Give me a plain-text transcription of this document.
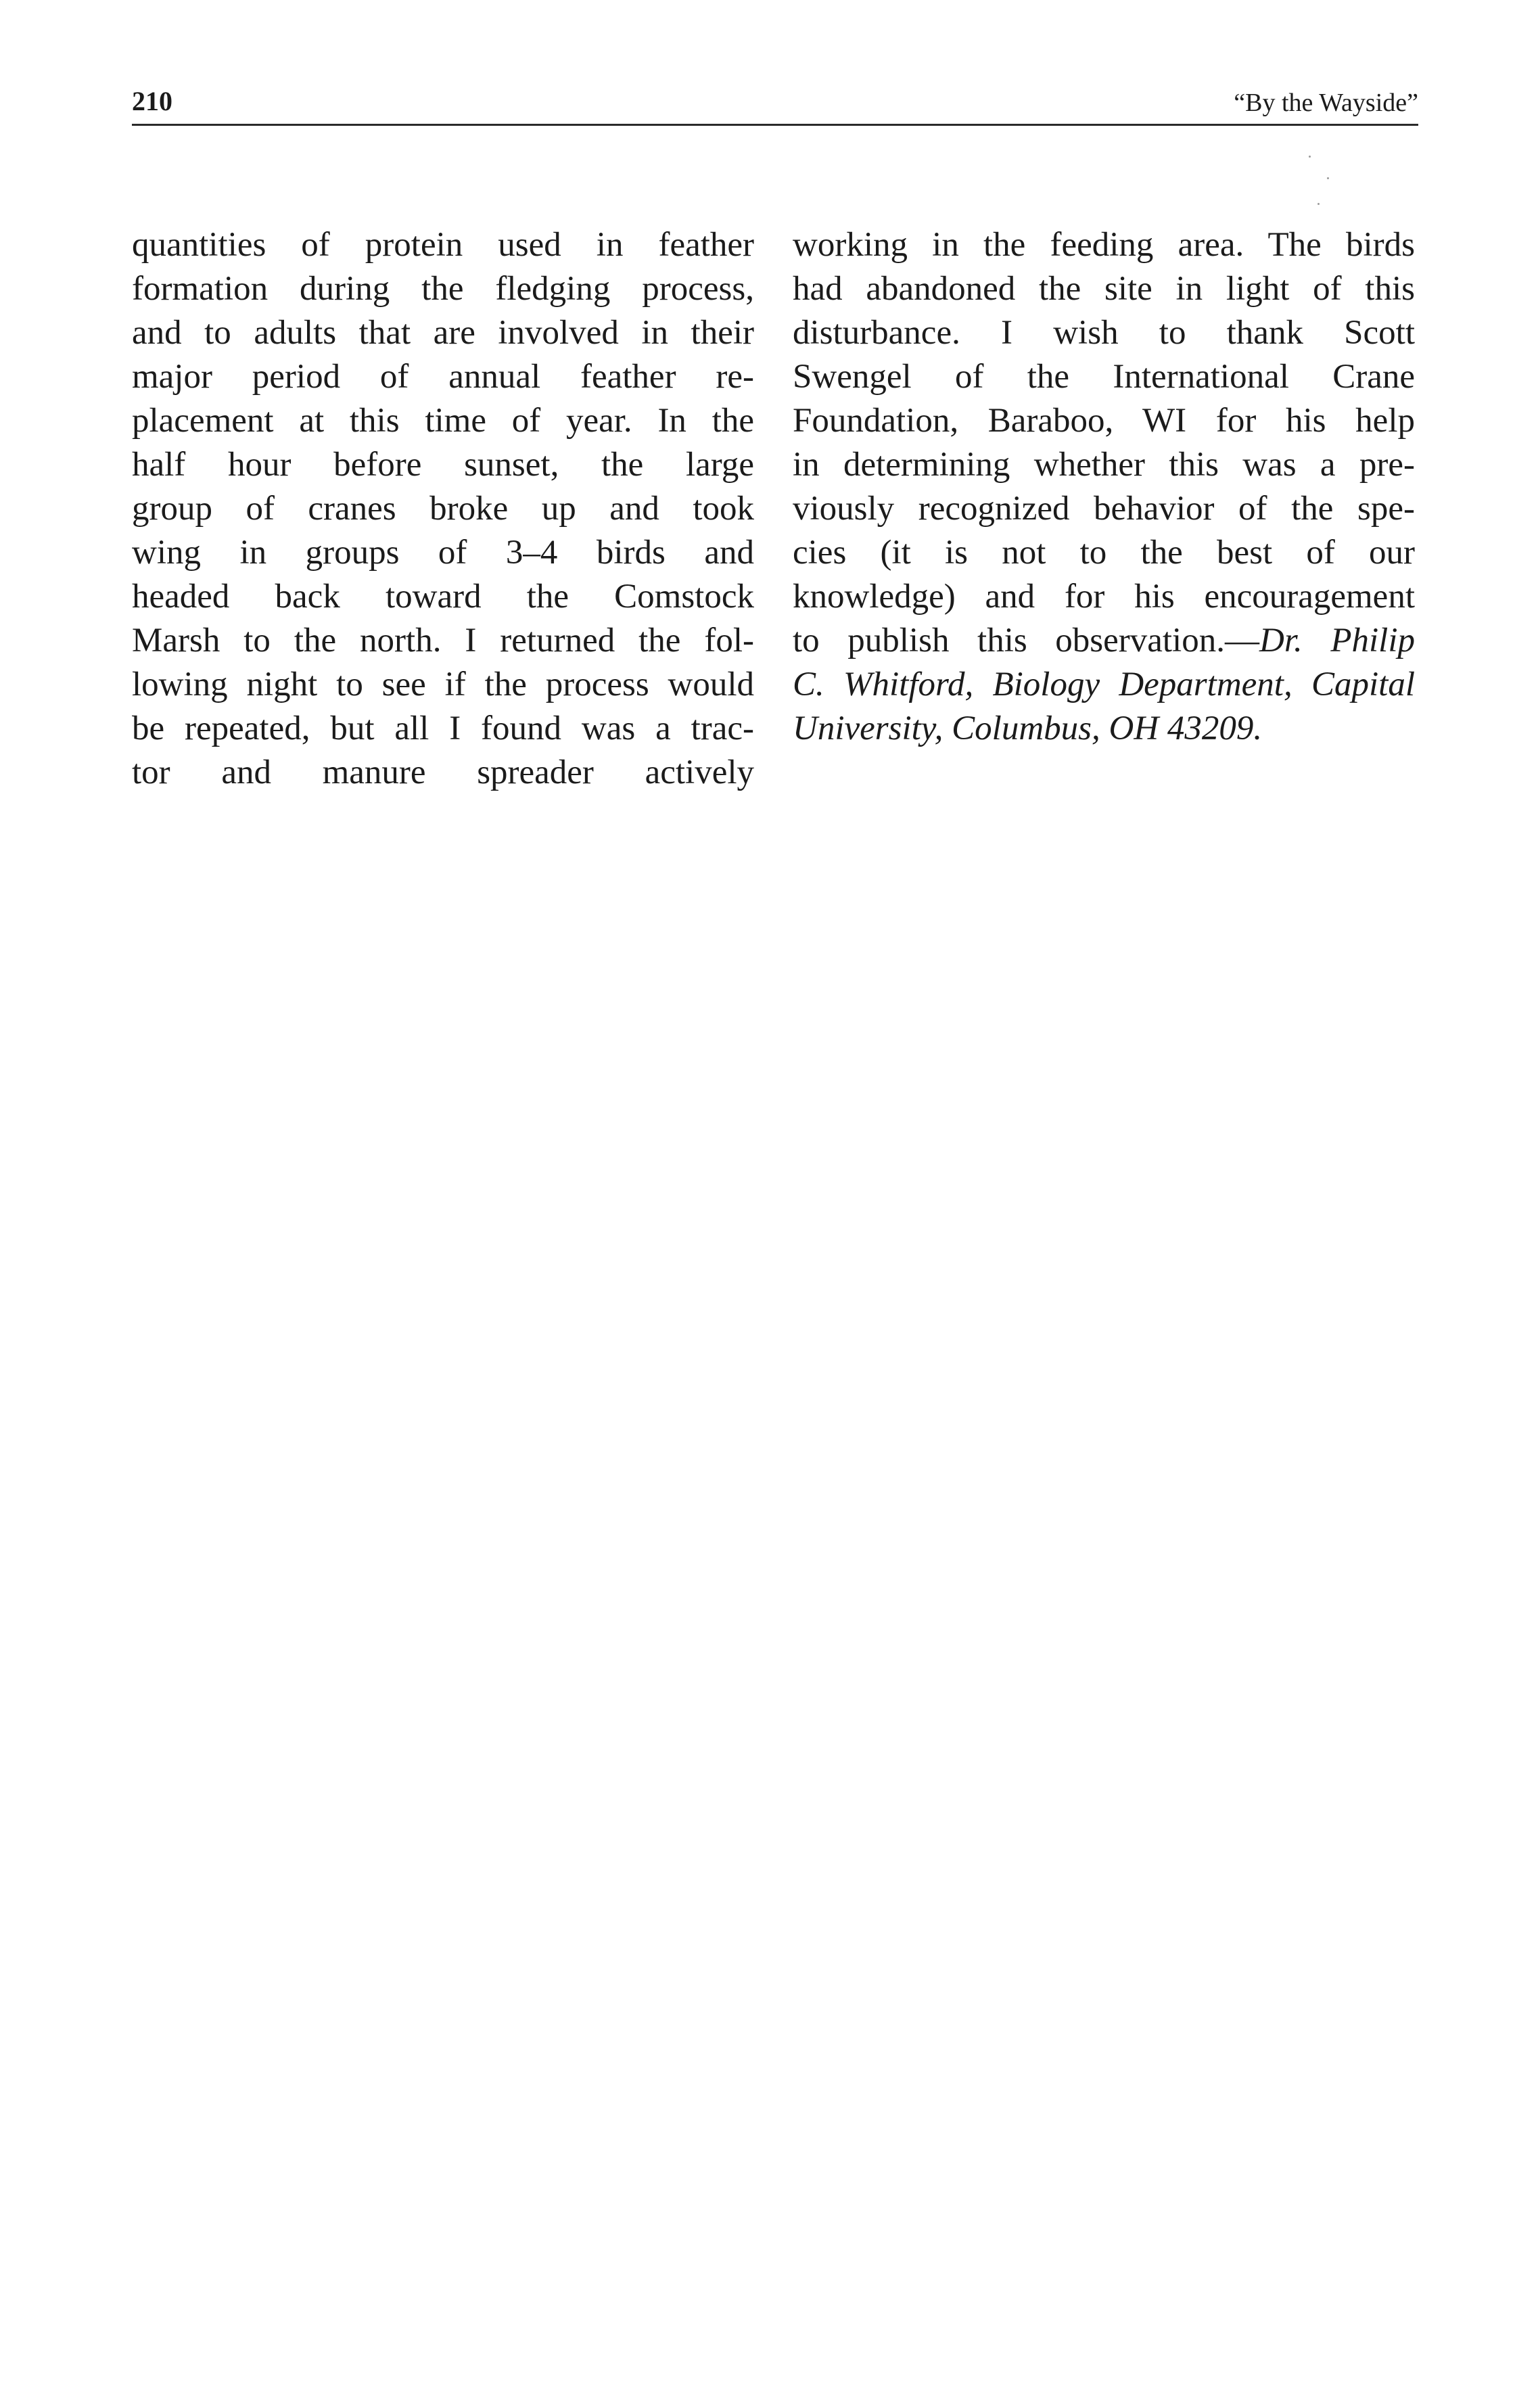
210	“By the Wayside”
quantities of protein used in feather
formation during the fledging process,
and to adults that are involved in their
major period of annual feather re-
placement at this time of year. In the
half hour before sunset, the large
group of cranes broke up and took
wing in groups of 3–4 birds and
headed back toward the Comstock
Marsh to the north. I returned the fol-
lowing night to see if the process would
be repeated, but all I found was a trac-
tor and manure spreader actively
working in the feeding area. The birds
had abandoned the site in light of this
disturbance. I wish to thank Scott
Swengel of the International Crane
Foundation, Baraboo, WI for his help
in determining whether this was a pre-
viously recognized behavior of the spe-
cies (it is not to the best of our
knowledge) and for his encouragement
to publish this observation.—Dr. Philip
C. Whitford, Biology Department, Capital
University, Columbus, OH 43209.
